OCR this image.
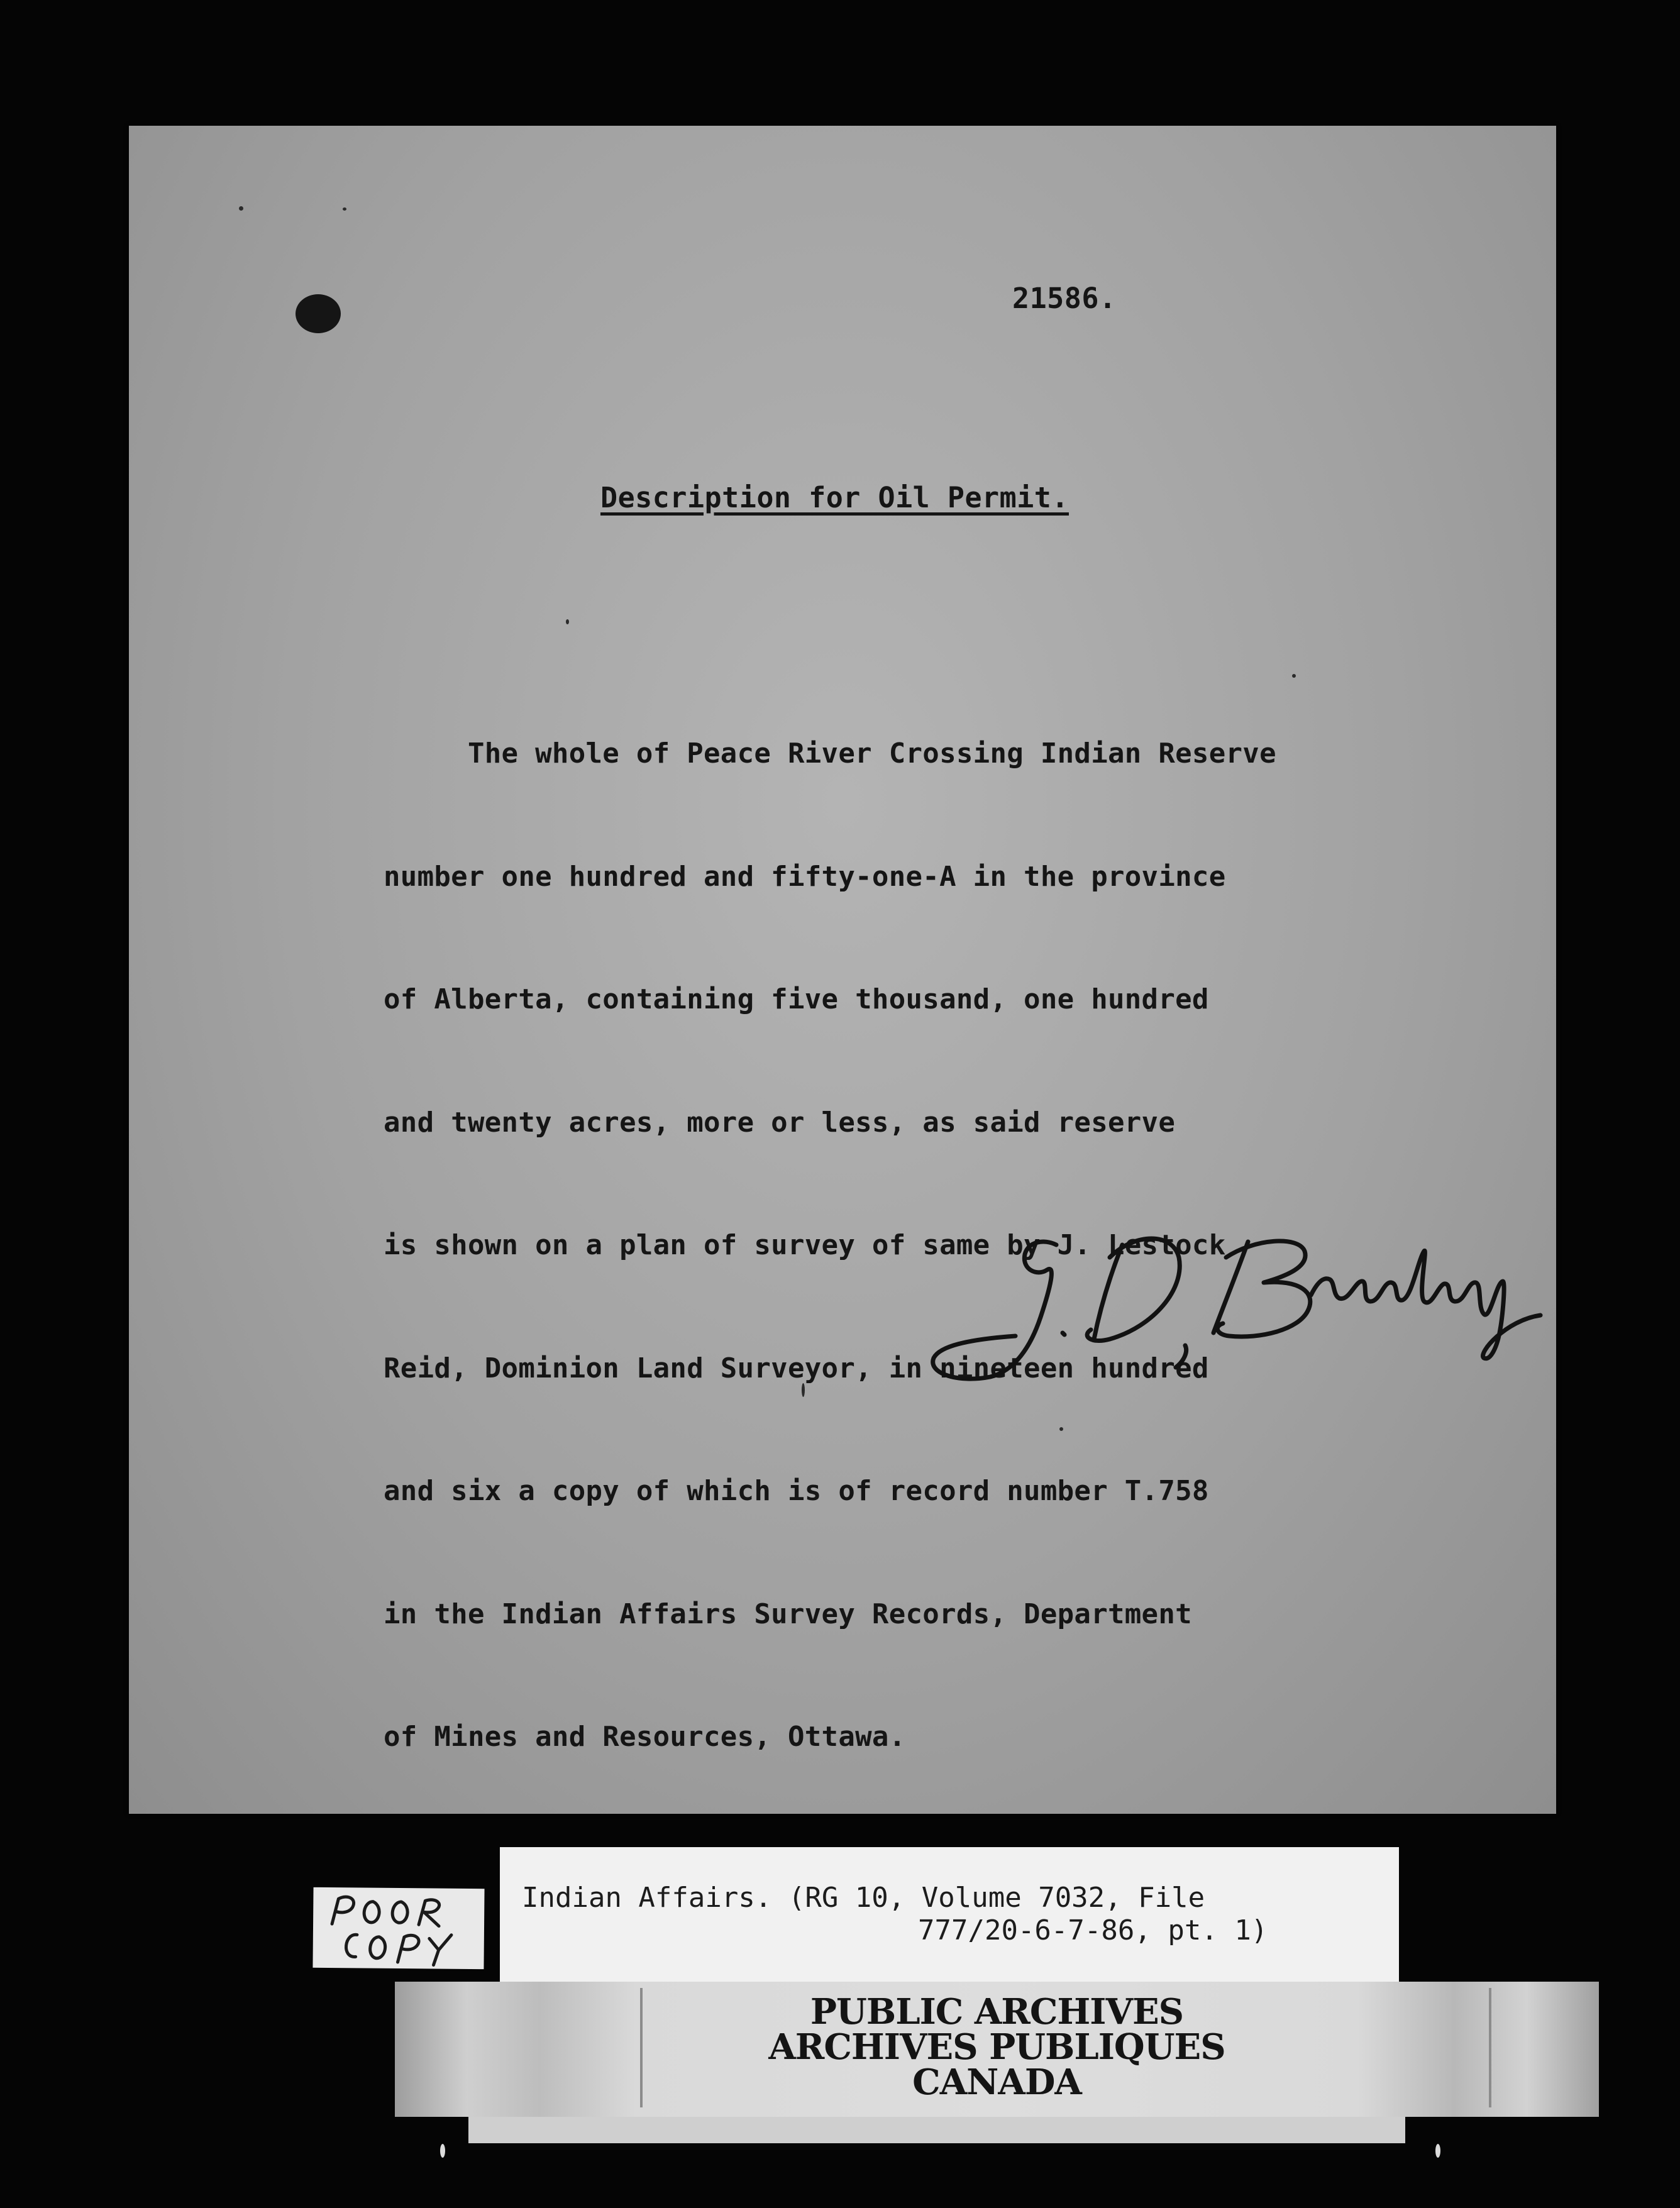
21586.
Description for Oil Permit.

The whole of Peace River Crossing Indian Reserve

number one hundred and fifty-one-A in the province

of Alberta, containing five thousand, one hundred

and twenty acres, more or less, as said reserve

is shown on a plan of survey of same by J. Lestock

Reid, Dominion Land Surveyor, in nineteen hundred

and six a copy of which is of record number T.758

in the Indian Affairs Survey Records, Department

of Mines and Resources, Ottawa.

Indian Affairs. (RG 10, Volume 7032, File
777/20-6-7-86, pt. 1)
PUBLIC ARCHIVES
ARCHIVES PUBLIQUES
CANADA
